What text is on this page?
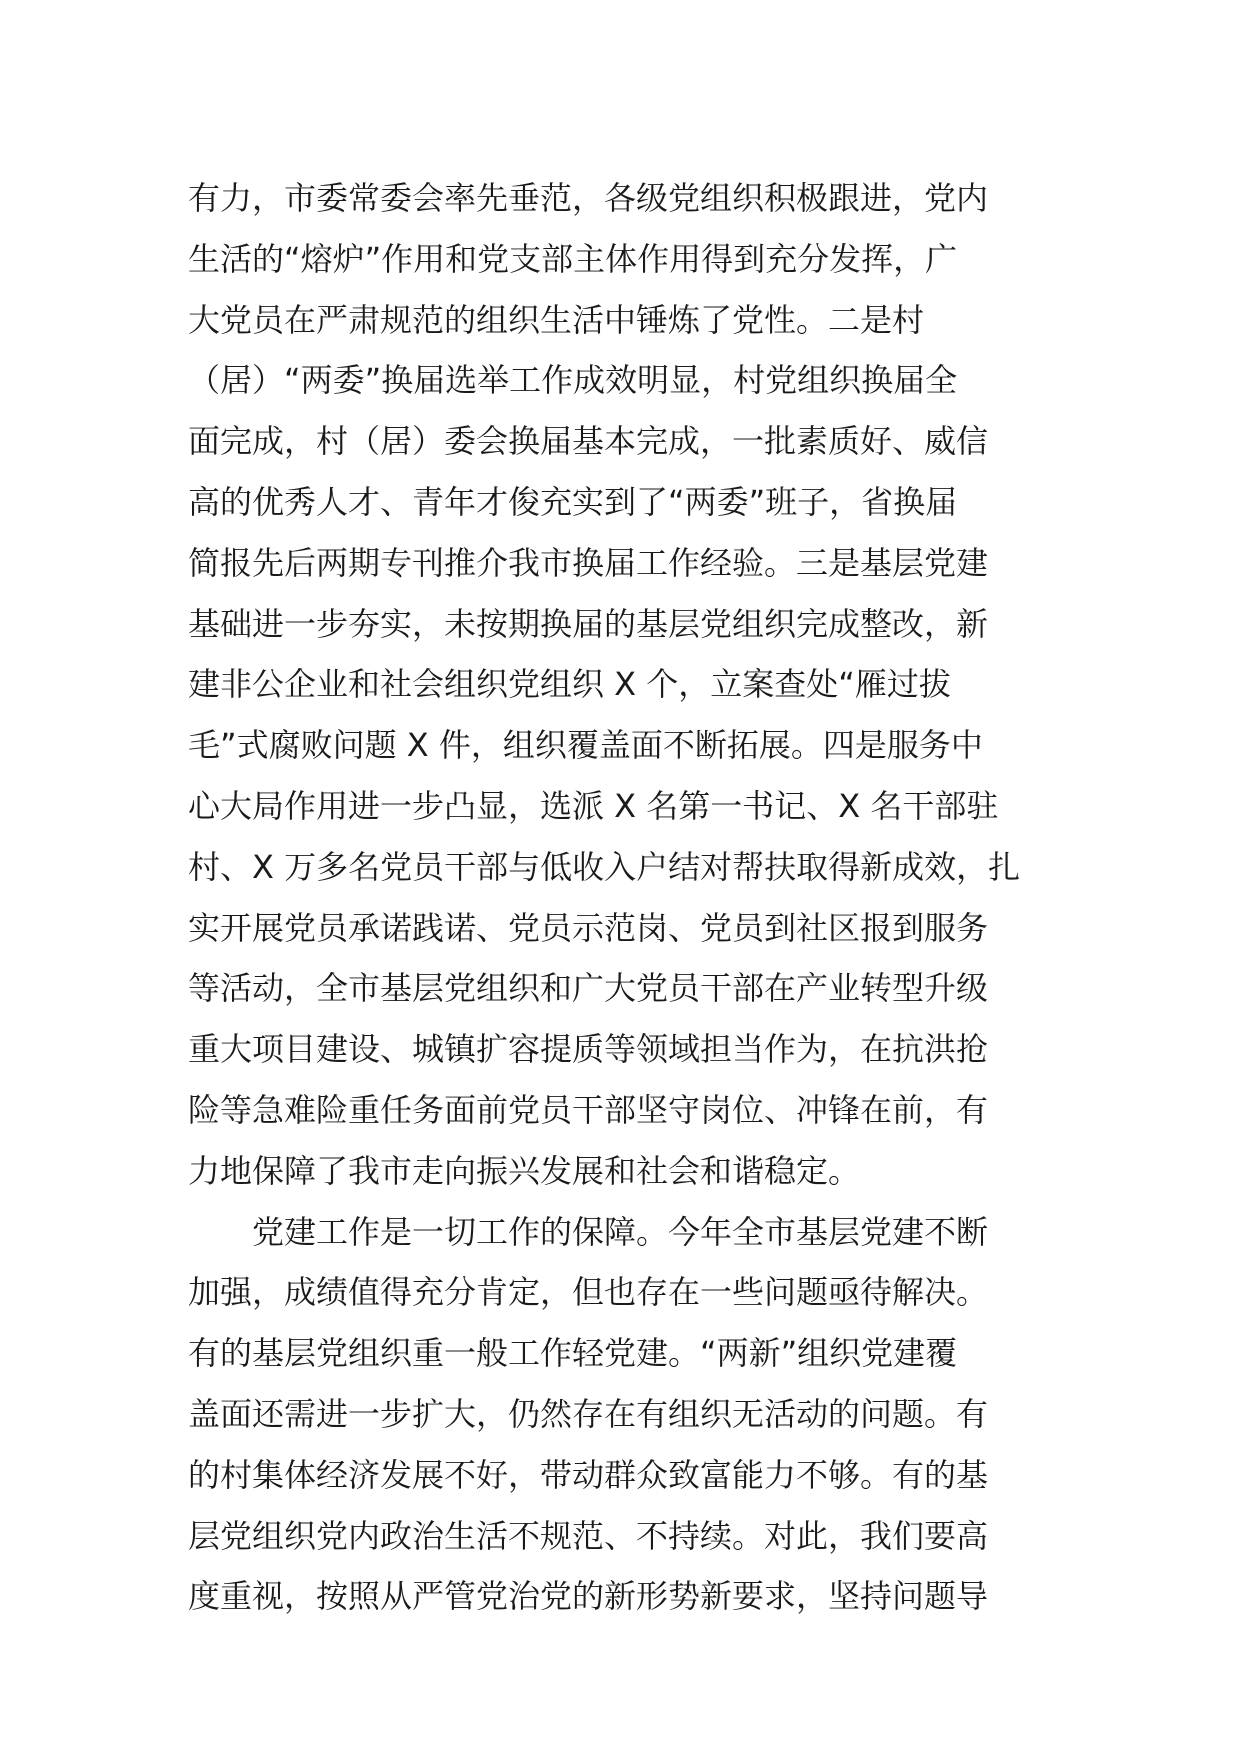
有力，市委常委会率先垂范，各级党组织积极跟进，党内
生活的“熔炉”作用和党支部主体作用得到充分发挥，广
大党员在严肃规范的组织生活中锤炼了党性。二是村
（居）“两委”换届选举工作成效明显，村党组织换届全
面完成，村（居）委会换届基本完成，一批素质好、威信
高的优秀人才、青年才俊充实到了“两委”班子，省换届
简报先后两期专刊推介我市换届工作经验。三是基层党建
基础进一步夯实，未按期换届的基层党组织完成整改，新
建非公企业和社会组织党组织 X 个，立案查处“雁过拔
毛”式腐败问题 X 件，组织覆盖面不断拓展。四是服务中
心大局作用进一步凸显，选派 X 名第一书记、X 名干部驻
村、X 万多名党员干部与低收入户结对帮扶取得新成效，扎
实开展党员承诺践诺、党员示范岗、党员到社区报到服务
等活动，全市基层党组织和广大党员干部在产业转型升级
重大项目建设、城镇扩容提质等领域担当作为，在抗洪抢
险等急难险重任务面前党员干部坚守岗位、冲锋在前，有
力地保障了我市走向振兴发展和社会和谐稳定。
　　党建工作是一切工作的保障。今年全市基层党建不断
加强，成绩值得充分肯定，但也存在一些问题亟待解决。
有的基层党组织重一般工作轻党建。“两新”组织党建覆
盖面还需进一步扩大，仍然存在有组织无活动的问题。有
的村集体经济发展不好，带动群众致富能力不够。有的基
层党组织党内政治生活不规范、不持续。对此，我们要高
度重视，按照从严管党治党的新形势新要求，坚持问题导
